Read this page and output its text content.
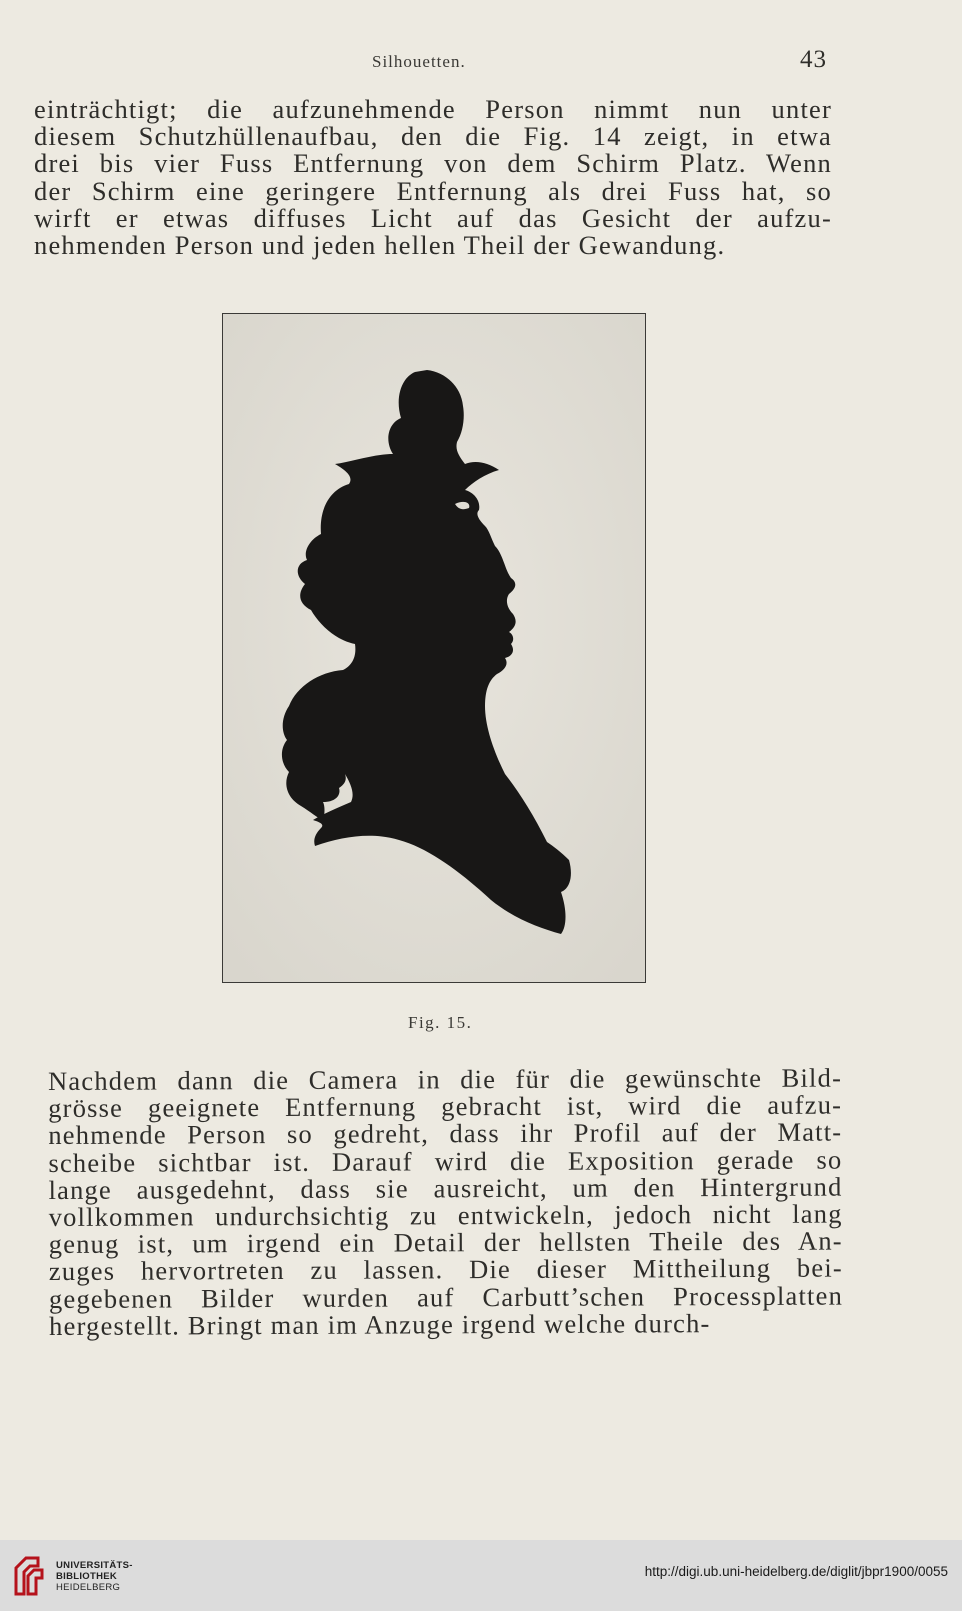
Silhouetten.	43
einträchtigt; die aufzunehmende Person nimmt nun unter
diesem Schutzhüllenaufbau, den die Fig. 14 zeigt, in etwa
drei bis vier Fuss Entfernung von dem Schirm Platz. Wenn
der Schirm eine geringere Entfernung als drei Fuss hat, so
wirft er etwas diffuses Licht auf das Gesicht der aufzu-
nehmenden Person und jeden hellen Theil der Gewandung.
Fig. 15.
Nachdem dann die Camera in die für die gewünschte Bild-
grösse geeignete Entfernung gebracht ist, wird die aufzu-
nehmende Person so gedreht, dass ihr Profil auf der Matt-
scheibe sichtbar ist. Darauf wird die Exposition gerade so
lange ausgedehnt, dass sie ausreicht, um den Hintergrund
vollkommen undurchsichtig zu entwickeln, jedoch nicht lang
genug ist, um irgend ein Detail der hellsten Theile des An-
zuges hervortreten zu lassen. Die dieser Mittheilung bei-
gegebenen Bilder wurden auf Carbutt’schen Processplatten
hergestellt. Bringt man im Anzuge irgend welche durch-
UNIVERSITÄTS-
BIBLIOTHEK
HEIDELBERG
http://digi.ub.uni-heidelberg.de/diglit/jbpr1900/0055
